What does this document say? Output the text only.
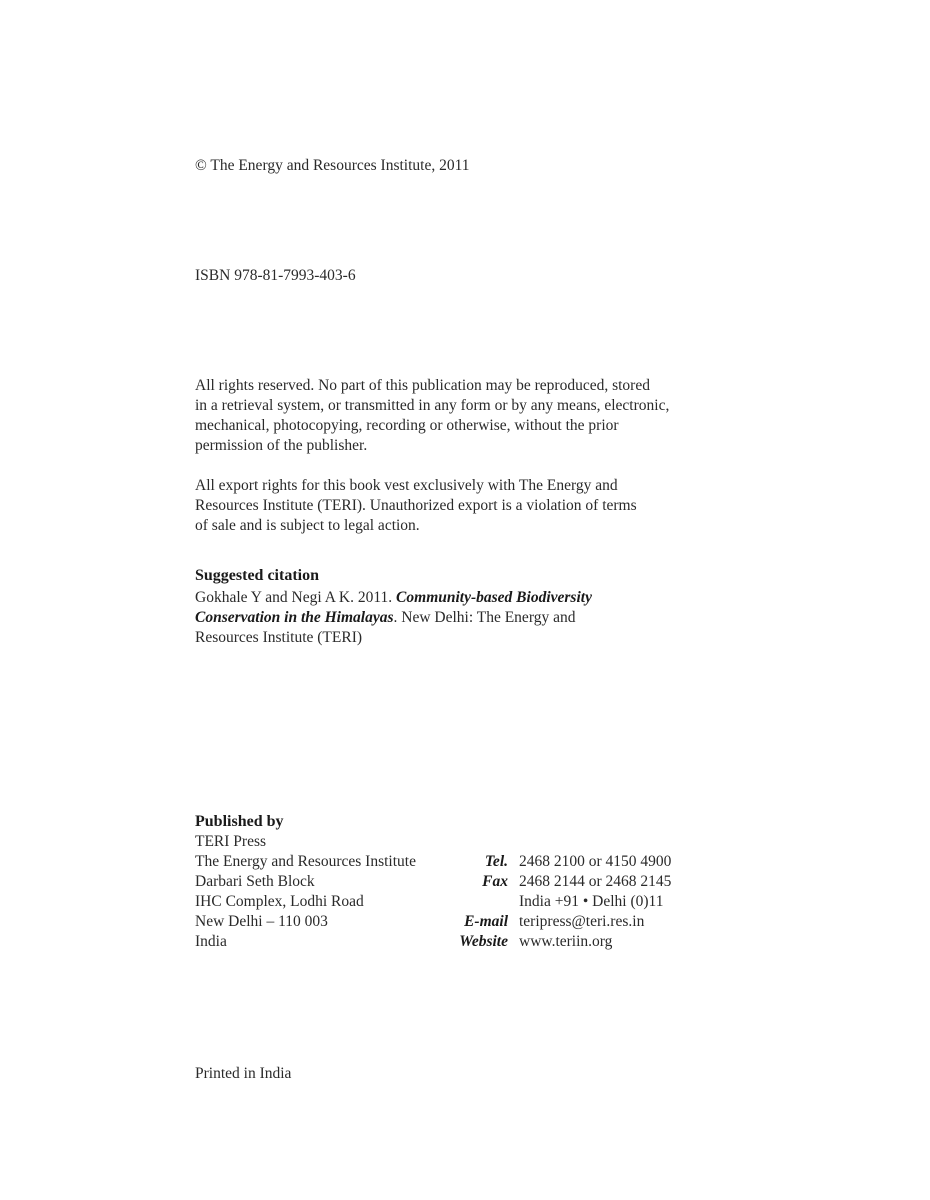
© The Energy and Resources Institute, 2011
ISBN 978-81-7993-403-6
All rights reserved. No part of this publication may be reproduced, stored
in a retrieval system, or transmitted in any form or by any means, electronic,
mechanical, photocopying, recording or otherwise, without the prior
permission of the publisher.
All export rights for this book vest exclusively with The Energy and
Resources Institute (TERI). Unauthorized export is a violation of terms
of sale and is subject to legal action.
Suggested citation
Gokhale Y and Negi A K. 2011. Community-based Biodiversity
Conservation in the Himalayas. New Delhi: The Energy and
Resources Institute (TERI)
Published by
TERI Press
The Energy and Resources Institute	Tel. 2468 2100 or 4150 4900
Darbari Seth Block	Fax 2468 2144 or 2468 2145
IHC Complex, Lodhi Road	India +91 • Delhi (0)11
New Delhi – 110 003	E-mail teripress@teri.res.in
India	Website www.teriin.org
Printed in India
